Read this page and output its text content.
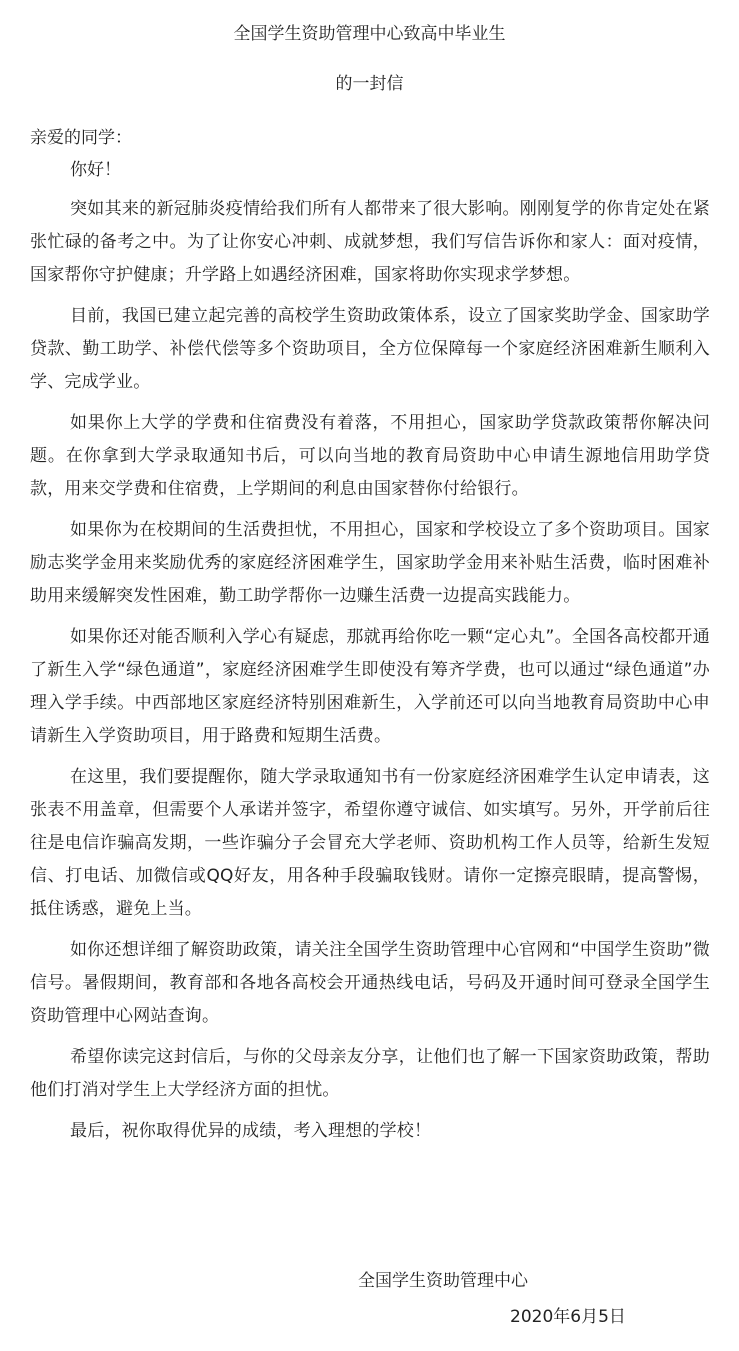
全国学生资助管理中心致高中毕业生
的一封信
亲爱的同学：
你好！

突如其来的新冠肺炎疫情给我们所有人都带来了很大影响。刚刚复学的你肯定处在紧张忙碌的备考之中。为了让你安心冲刺、成就梦想，我们写信告诉你和家人：面对疫情，国家帮你守护健康；升学路上如遇经济困难，国家将助你实现求学梦想。

目前，我国已建立起完善的高校学生资助政策体系，设立了国家奖助学金、国家助学贷款、勤工助学、补偿代偿等多个资助项目，全方位保障每一个家庭经济困难新生顺利入学、完成学业。

如果你上大学的学费和住宿费没有着落，不用担心，国家助学贷款政策帮你解决问题。在你拿到大学录取通知书后，可以向当地的教育局资助中心申请生源地信用助学贷款，用来交学费和住宿费，上学期间的利息由国家替你付给银行。

如果你为在校期间的生活费担忧，不用担心，国家和学校设立了多个资助项目。国家励志奖学金用来奖励优秀的家庭经济困难学生，国家助学金用来补贴生活费，临时困难补助用来缓解突发性困难，勤工助学帮你一边赚生活费一边提高实践能力。

如果你还对能否顺利入学心有疑虑，那就再给你吃一颗“定心丸”。全国各高校都开通了新生入学“绿色通道”，家庭经济困难学生即使没有筹齐学费，也可以通过“绿色通道”办理入学手续。中西部地区家庭经济特别困难新生，入学前还可以向当地教育局资助中心申请新生入学资助项目，用于路费和短期生活费。

在这里，我们要提醒你，随大学录取通知书有一份家庭经济困难学生认定申请表，这张表不用盖章，但需要个人承诺并签字，希望你遵守诚信、如实填写。另外，开学前后往往是电信诈骗高发期，一些诈骗分子会冒充大学老师、资助机构工作人员等，给新生发短信、打电话、加微信或QQ好友，用各种手段骗取钱财。请你一定擦亮眼睛，提高警惕，抵住诱惑，避免上当。

如你还想详细了解资助政策，请关注全国学生资助管理中心官网和“中国学生资助”微信号。暑假期间，教育部和各地各高校会开通热线电话，号码及开通时间可登录全国学生资助管理中心网站查询。

希望你读完这封信后，与你的父母亲友分享，让他们也了解一下国家资助政策，帮助他们打消对学生上大学经济方面的担忧。

最后，祝你取得优异的成绩，考入理想的学校！

全国学生资助管理中心
2020年6月5日
